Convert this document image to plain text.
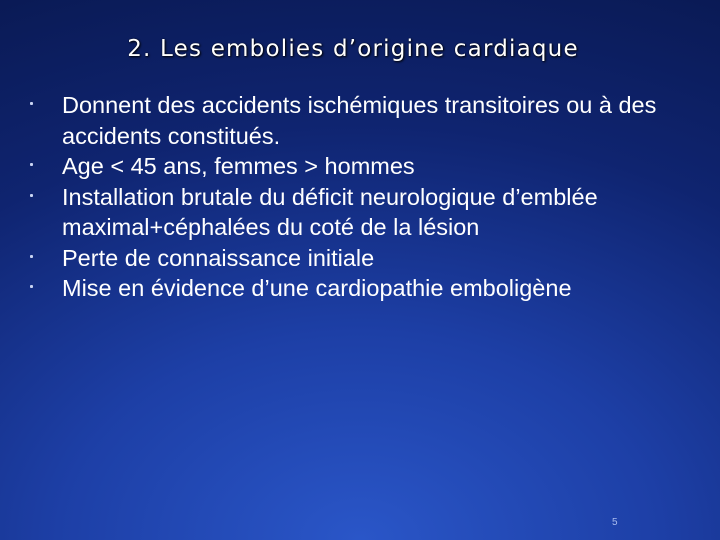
2. Les embolies d’origine cardiaque
Donnent des accidents ischémiques transitoires ou à des accidents constitués.
Age < 45 ans, femmes > hommes
Installation brutale du déficit neurologique d’emblée maximal+céphalées du coté de la lésion
Perte de connaissance initiale
Mise en évidence d’une cardiopathie emboligène
5
